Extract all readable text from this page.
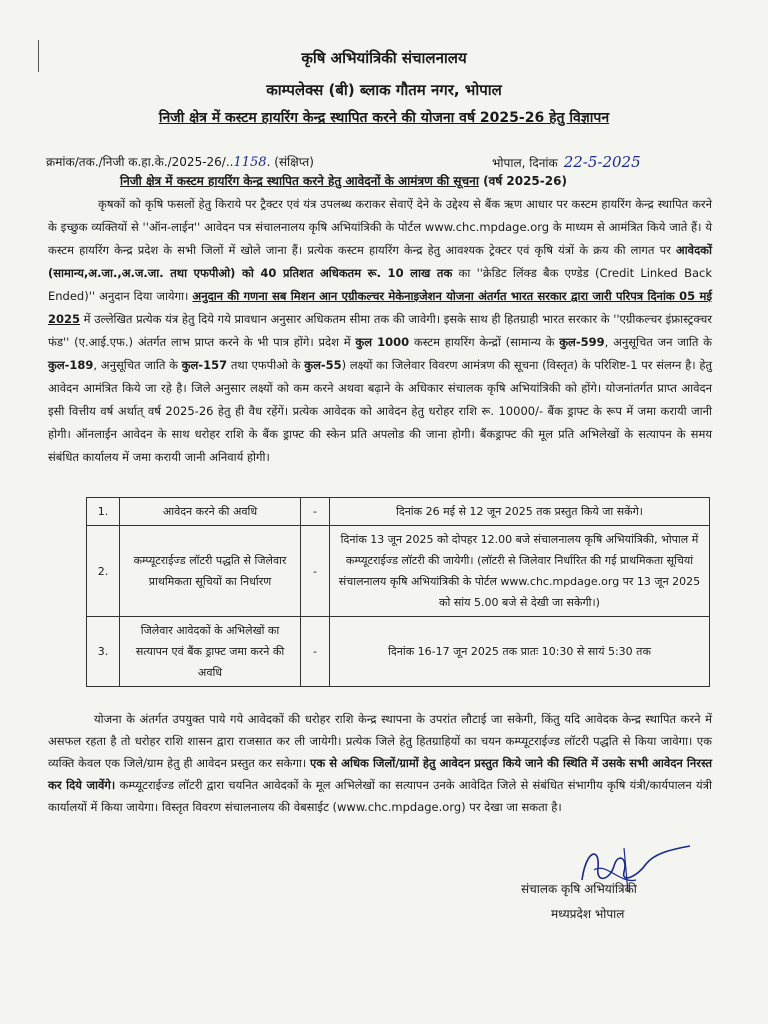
कृषि अभियांत्रिकी संचालनालय
काम्पलेक्स (बी) ब्लाक गौतम नगर, भोपाल
निजी क्षेत्र में कस्टम हायरिंग केन्द्र स्थापित करने की योजना वर्ष 2025-26 हेतु विज्ञापन
क्रमांक/तक./निजी क.हा.के./2025-26/..1158. (संक्षिप्त)	भोपाल, दिनांक 22-5-2025
निजी क्षेत्र में कस्टम हायरिंग केन्द्र स्थापित करने हेतु आवेदनों के आमंत्रण की सूचना (वर्ष 2025-26)
कृषकों को कृषि फसलों हेतु किराये पर ट्रैक्टर एवं यंत्र उपलब्ध कराकर सेवाऐं देने के उद्देश्य से बैंक ऋण आधार पर कस्टम हायरिंग केन्द्र स्थापित करने के इच्छुक व्यक्तियों से ''ऑन-लाईन'' आवेदन पत्र संचालनालय कृषि अभियांत्रिकी के पोर्टल www.chc.mpdage.org के माध्यम से आमंत्रित किये जाते हैं। ये कस्टम हायरिंग केन्द्र प्रदेश के सभी जिलों में खोले जाना हैं। प्रत्येक कस्टम हायरिंग केन्द्र हेतु आवश्यक ट्रेक्टर एवं कृषि यंत्रों के क्रय की लागत पर आवेदकों (सामान्य,अ.जा.,अ.ज.जा. तथा एफपीओ) को 40 प्रतिशत अधिकतम रू. 10 लाख तक का ''क्रेडिट लिंक्ड बैक एण्डेड (Credit Linked Back Ended)'' अनुदान दिया जायेगा। अनुदान की गणना सब मिशन आन एग्रीकल्चर मेकेनाइजेशन योजना अंतर्गत भारत सरकार द्वारा जारी परिपत्र दिनांक 05 मई 2025 में उल्लेखित प्रत्येक यंत्र हेतु दिये गये प्रावधान अनुसार अधिकतम सीमा तक की जावेगी। इसके साथ ही हितग्राही भारत सरकार के ''एग्रीकल्चर इंफ्रास्ट्रक्चर फंड'' (ए.आई.एफ.) अंतर्गत लाभ प्राप्त करने के भी पात्र होंगे। प्रदेश में कुल 1000 कस्टम हायरिंग केन्द्रों (सामान्य के कुल-599, अनुसूचित जन जाति के कुल-189, अनुसूचित जाति के कुल-157 तथा एफपीओ के कुल-55) लक्ष्यों का जिलेवार विवरण आमंत्रण की सूचना (विस्तृत) के परिशिष्ट-1 पर संलग्न है। हेतु आवेदन आमंत्रित किये जा रहे है। जिले अनुसार लक्ष्यों को कम करने अथवा बढ़ाने के अधिकार संचालक कृषि अभियांत्रिकी को होंगे। योजनांतर्गत प्राप्त आवेदन इसी वित्तीय वर्ष अर्थात् वर्ष 2025-26 हेतु ही वैध रहेंगें। प्रत्येक आवेदक को आवेदन हेतु धरोहर राशि रू. 10000/- बैंक ड्राफ्ट के रूप में जमा करायी जानी होगी। ऑनलाईन आवेदन के साथ धरोहर राशि के बैंक ड्राफ्ट की स्केन प्रति अपलोड की जाना होगी। बैंकड्राफ्ट की मूल प्रति अभिलेखों के सत्यापन के समय संबंधित कार्यालय में जमा करायी जानी अनिवार्य होगी।
1.	आवेदन करने की अवधि	-	दिनांक 26 मई से 12 जून 2025 तक प्रस्तुत किये जा सकेंगे।
2.	कम्प्यूटराईज्ड लॉटरी पद्धति से जिलेवार प्राथमिकता सूचियों का निर्धारण	-	दिनांक 13 जून 2025 को दोपहर 12.00 बजे संचालनालय कृषि अभियांत्रिकी, भोपाल में कम्प्यूटराईज्ड लॉटरी की जायेगी। (लॉटरी से जिलेवार निर्धारित की गई प्राथमिकता सूचियां संचालनालय कृषि अभियांत्रिकी के पोर्टल www.chc.mpdage.org पर 13 जून 2025 को सांय 5.00 बजे से देखी जा सकेगी।)
3.	जिलेवार आवेदकों के अभिलेखों का सत्यापन एवं बैंक ड्राफ्ट जमा करने की अवधि	-	दिनांक 16-17 जून 2025 तक प्रातः 10:30 से सायं 5:30 तक
योजना के अंतर्गत उपयुक्त पाये गये आवेदकों की धरोहर राशि केन्द्र स्थापना के उपरांत लौटाई जा सकेगी, किंतु यदि आवेदक केन्द्र स्थापित करने में असफल रहता है तो धरोहर राशि शासन द्वारा राजसात कर ली जायेगी। प्रत्येक जिले हेतु हितग्राहियों का चयन कम्प्यूटराईज्ड लॉटरी पद्धति से किया जावेगा। एक व्यक्ति केवल एक जिले/ग्राम हेतु ही आवेदन प्रस्तुत कर सकेगा। एक से अधिक जिलों/ग्रामों हेतु आवेदन प्रस्तुत किये जाने की स्थिति में उसके सभी आवेदन निरस्त कर दिये जावेंगे। कम्प्यूटराईज्ड लॉटरी द्वारा चयनित आवेदकों के मूल अभिलेखों का सत्यापन उनके आवेदित जिले से संबंधित संभागीय कृषि यंत्री/कार्यपालन यंत्री कार्यालयों में किया जायेगा। विस्तृत विवरण संचालनालय की वेबसाईट (www.chc.mpdage.org) पर देखा जा सकता है।
संचालक कृषि अभियांत्रिकी
मध्यप्रदेश भोपाल
